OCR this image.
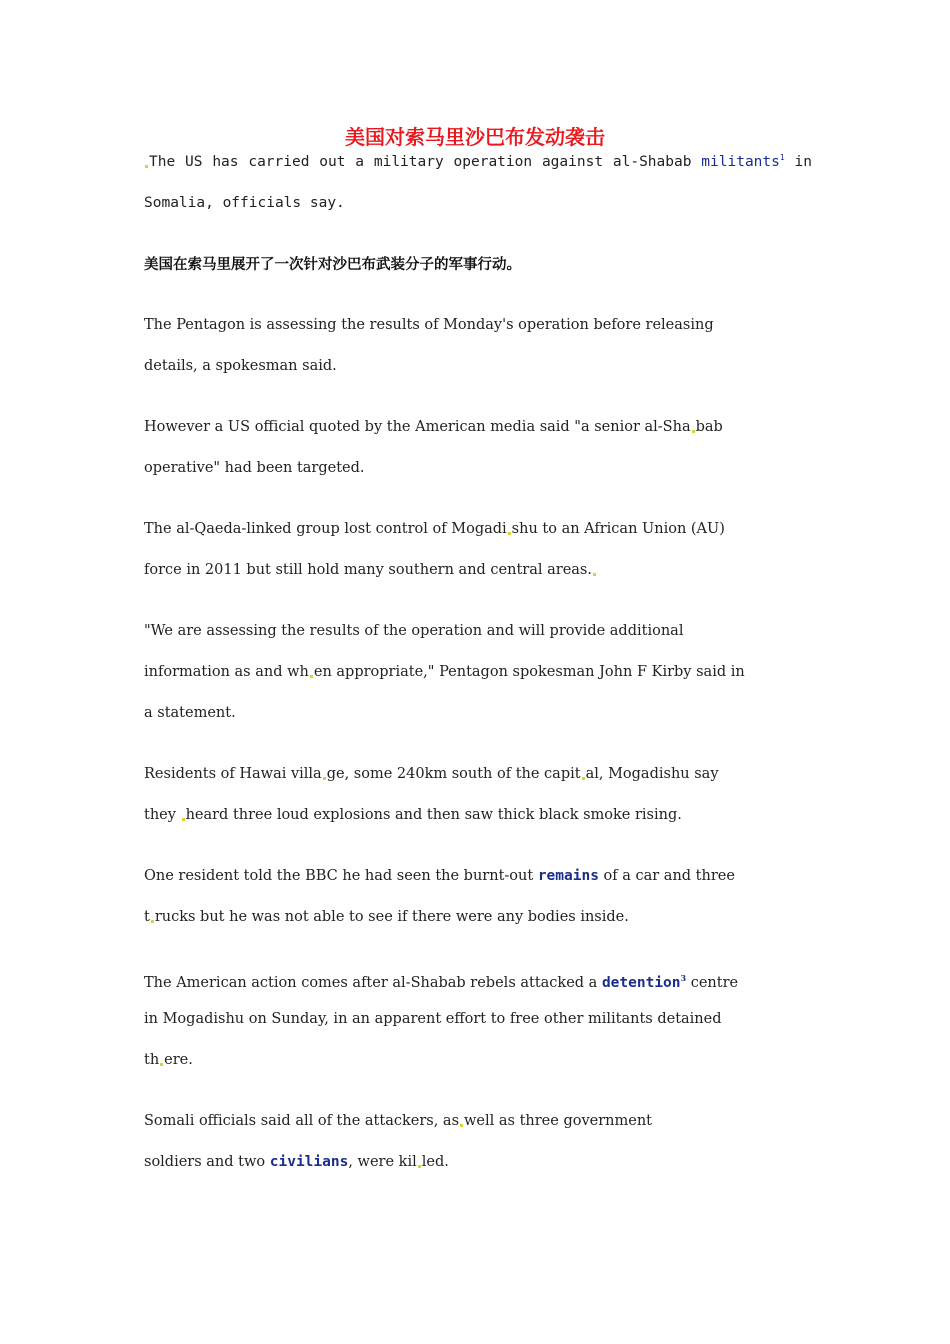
美国对索马里沙巴布发动袭击
The US has carried out a military operation against al-Shabab militants$^1$ in
Somalia, officials say.
美国在索马里展开了一次针对沙巴布武装分子的军事行动。
The Pentagon is assessing the results of Monday's operation before releasing
details, a spokesman said.
However a US official quoted by the American media said "a senior al-Sha bab
operative" had been targeted.
The al-Qaeda-linked group lost control of Mogadi shu to an African Union (AU)
force in 2011 but still hold many southern and central areas.
"We are assessing the results of the operation and will provide additional
information as and wh en appropriate," Pentagon spokesman John F Kirby said in
a statement.
Residents of Hawai villa ge, some 240km south of the capit al, Mogadishu say
they heard three loud explosions and then saw thick black smoke rising.
One resident told the BBC he had seen the burnt-out remains of a car and three
t rucks but he was not able to see if there were any bodies inside.
The American action comes after al-Shabab rebels attacked a detention$^3$ centre
in Mogadishu on Sunday, in an apparent effort to free other militants detained
th ere.
Somali officials said all of the attackers, as well as three government
soldiers and two civilians, were kil led.
